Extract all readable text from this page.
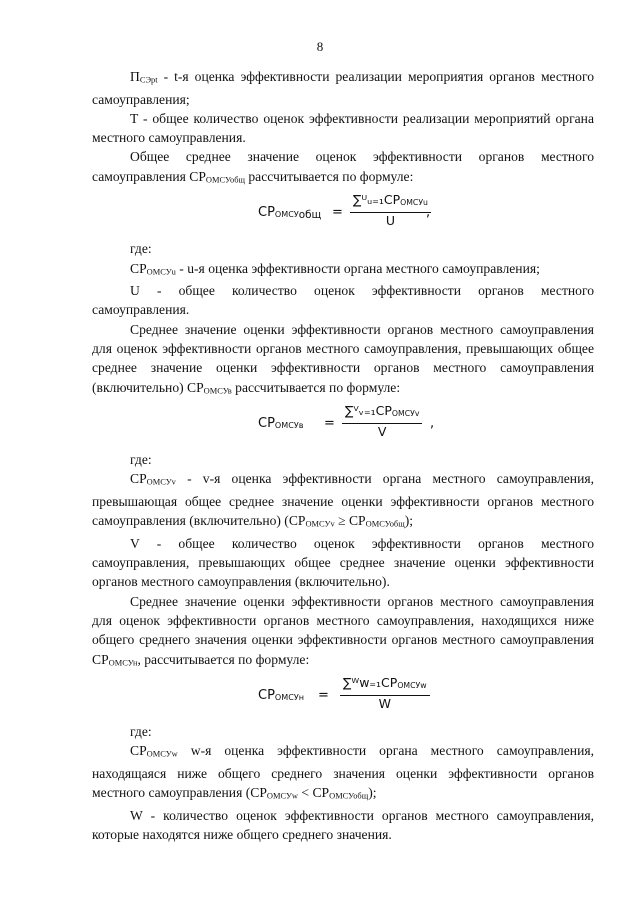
8

ПСЭрt - t-я оценка эффективности реализации мероприятия органов местного самоуправления;

T - общее количество оценок эффективности реализации мероприятий органа местного самоуправления.

Общее среднее значение оценок эффективности органов местного самоуправления СРОМСУобщ рассчитывается по формуле:

$СРОМСУ_{общ}$ =
∑ᵁᵤ₌₁СРОМСУu
U
,

где:

СРОМСУu - u-я оценка эффективности органа местного самоуправления;

U - общее количество оценок эффективности органов местного самоуправления.

Среднее значение оценки эффективности органов местного самоуправления для оценок эффективности органов местного самоуправления, превышающих общее среднее значение оценки эффективности органов местного самоуправления (включительно) СРОМСУв рассчитывается по формуле:

СРОМСУв =
∑ⱽᵥ₌₁СРОМСУv
V
,

где:

СРОМСУv - v-я оценка эффективности органа местного самоуправления, превышающая общее среднее значение оценки эффективности органов местного самоуправления (включительно) (СРОМСУv ≥ СРОМСУобщ);

V - общее количество оценок эффективности органов местного самоуправления, превышающих общее среднее значение оценки эффективности органов местного самоуправления (включительно).

Среднее значение оценки эффективности органов местного самоуправления для оценок эффективности органов местного самоуправления, находящихся ниже общего среднего значения оценки эффективности органов местного самоуправления СРОМСУн, рассчитывается по формуле:

СРОМСУн =
∑ᵂw₌₁СРОМСУw
W

где:

СРОМСУw w-я оценка эффективности органа местного самоуправления, находящаяся ниже общего среднего значения оценки эффективности органов местного самоуправления (СРОМСУw < СРОМСУобщ);

W - количество оценок эффективности органов местного самоуправления, которые находятся ниже общего среднего значения.
